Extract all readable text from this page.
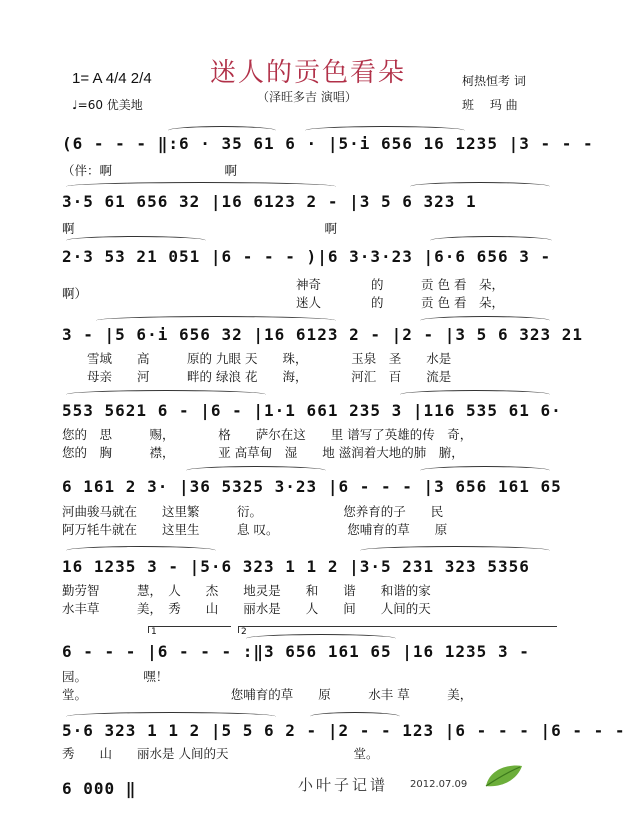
迷人的贡色看朵
（泽旺多吉 演唱）
1= A 4/4 2/4
♩=60 优美地
柯热恒考 词
班　 玛 曲
(6 - - - ‖:6 · 35 61 6 · |5·i 656 16 1235 |3 - - -
（伴：啊　　　　　　　　　啊
3·5 61 656 32 |16 6123 2 - |3 5 6 323 1
啊　　　　　　　　　　　　　　　　　　　　啊
2·3 53 21 051 |6 - - - )|6 3·3·23 |6·6 656 3 -
啊）
神奇　　　　的　　　贡 色 看　朵，
迷人　　　　的　　　贡 色 看　朵，
3 - |5 6·i 656 32 |16 6123 2 - |2 - |3 5 6 323 21
　　雪域　　高　　　原的 九眼 天　　珠，　　　　玉泉　圣　　水是
　　母亲　　河　　　畔的 绿浪 花　　海，　　　　河汇　百　　流是
553 5621 6 - |6 - |1·1 661 235 3 |116 535 61 6·
您的　思　　　赐，　　　　格　　萨尔在这　　里 谱写了英雄的传　奇，
您的　胸　　　襟，　　　　亚 高草甸　湿　　地 滋润着大地的肺　腑，
6 161 2 3· |36 5325 3·23 |6 - - - |3 656 161 65
河曲骏马就在　　这里繁　　　衍。　　　　　　　您养育的子　　民
阿万牦牛就在　　这里生　　　息 叹。　　　　　　您哺育的草　　原
16 1235 3 - |5·6 323 1 1 2 |3·5 231 323 5356
勤劳智　　　慧，　人　　杰　　地灵是　　和　　谐　　和谐的家
水丰草　　　美，　秀　　山　　丽水是　　人　　间　　人间的天
1	2
6 - - - |6 - - - :‖3 656 161 65 |16 1235 3 -
园。　　　　　嘿！
堂。　　　　　　　　　　　　您哺育的草　　原　　　水丰 草　　　美，
5·6 323 1 1 2 |5 5 6 2 - |2 - - 123 |6 - - - |6 - - -
秀　　山　　丽水是 人间的天　　　　　　　　　　堂。
6 000 ‖	小叶子记谱 2012.07.09
